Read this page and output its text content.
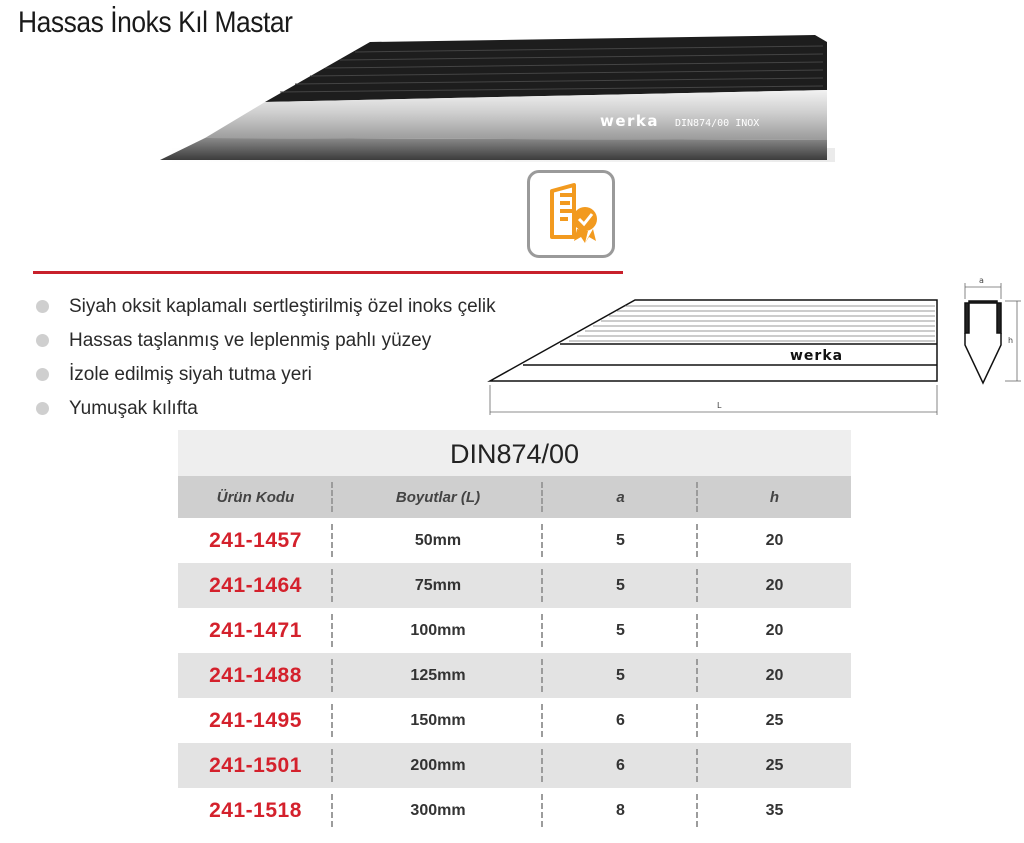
Hassas İnoks Kıl Mastar
werka DIN874/00 INOX
Siyah oksit kaplamalı sertleştirilmiş özel inoks çelik
Hassas taşlanmış ve leplenmiş pahlı yüzey
İzole edilmiş siyah tutma yeri
Yumuşak kılıfta
werka
L
a
h
DIN874/00
Ürün Kodu	Boyutlar (L)	a	h
241-1457	50mm	5	20
241-1464	75mm	5	20
241-1471	100mm	5	20
241-1488	125mm	5	20
241-1495	150mm	6	25
241-1501	200mm	6	25
241-1518	300mm	8	35
